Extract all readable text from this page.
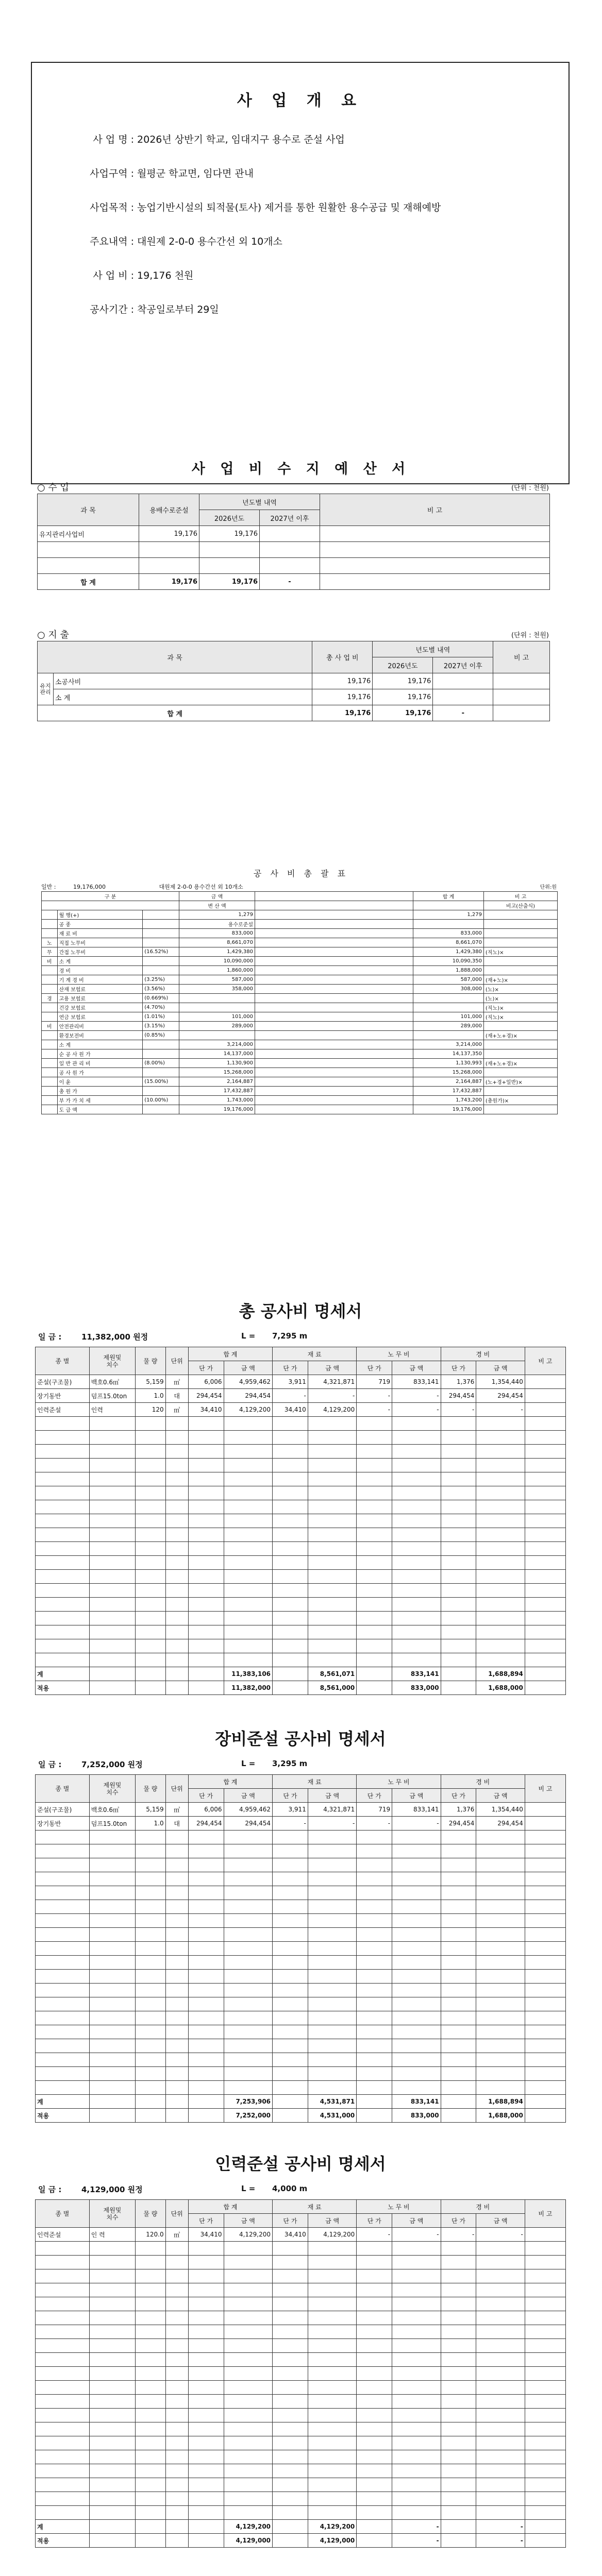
사 업 개 요
사 업 명 : 2026년 상반기 학교, 임대지구 용수로 준설 사업
사업구역 : 월평군 학교면, 임다면 관내
사업목적 : 농업기반시설의 퇴적물(토사) 제거를 통한 원활한 용수공급 및 재해예방
주요내역 : 대원제 2-0-0 용수간선 외 10개소
사 업 비 : 19,176 천원
공사기간 : 착공일로부터 29일
사 업 비 수 지 예 산 서
○ 수 입	(단위 : 천원)
과 목	용배수로준설	년도별 내역		비 고
		2026년도	2027년 이후	
유지관리사업비	19,176	19,176		

합 계	19,176	19,176	-	
○ 지 출	(단위 : 천원)
과 목		총 사 업 비	년도별 내역		비 고
			2026년도	2027년 이후	
유지관리	소공사비	19,176	19,176		
	소 계	19,176	19,176		
합 계		19,176	19,176	-	
공 사 비 총 괄 표
일반 :	19,176,000	대원제 2-0-0 용수간선 외 10개소	단위:원
구 분			금 액		합 계	비 고
			변 산 액			비고(산출식)
	월 행(+)		1,279		1,279	
	공 종		용수로준설			
	재 료 비		833,000		833,000	
노	직접 노무비		8,661,070		8,661,070	
무	간접 노무비	(16.52%)	1,429,380		1,429,380	(직노)×
비	소 계		10,090,000		10,090,350	
	경 비		1,860,000		1,888,000	
	기 계 경 비	(3.25%)	587,000		587,000	(재+노)×
	산재 보험료	(3.56%)	358,000		308,000	(노)×
경	고용 보험료	(0.669%)				(노)×
	건강 보험료	(4.70%)				(직노)×
	연금 보험료	(1.01%)	101,000		101,000	(직노)×
비	안전관리비	(3.15%)	289,000		289,000	
	환경보전비	(0.85%)				(재+노+경)×
	소 계		3,214,000		3,214,000	
	순 공 사 원 가		14,137,000		14,137,350	
	일 반 관 리 비	(8.00%)	1,130,900		1,130,993	(재+노+경)×
	공 사 원 가		15,268,000		15,268,000	
	이 윤	(15.00%)	2,164,887		2,164,887	(노+경+일반)×
	총 원 가		17,432,887		17,432,887	
	부 가 가 치 세	(10.00%)	1,743,000		1,743,200	(총원가)×
	도 급 액		19,176,000		19,176,000	
총 공사비 명세서
일 금 :	11,382,000 원정	L = 7,295 m
종 별	제원및
치수	물 량	단위	합 계		재 료		노 무 비		경 비		비 고
				단 가	금 액	단 가	금 액	단 가	금 액	단 가	금 액	
준설(구조물)	백호0.6㎥	5,159	㎥	6,006	4,959,462	3,911	4,321,871	719	833,141	1,376	1,354,440	
장기동반	덤프15.0ton	1.0	대	294,454	294,454	-	-	-	-	294,454	294,454	
인력준설	인력	120	㎥	34,410	4,129,200	34,410	4,129,200	-	-	-	-	

계					11,383,106		8,561,071		833,141		1,688,894	
적용					11,382,000		8,561,000		833,000		1,688,000	
장비준설 공사비 명세서
일 금 :	7,252,000 원정	L = 3,295 m
종 별	제원및
치수	물 량	단위	합 계		재 료		노 무 비		경 비		비 고
				단 가	금 액	단 가	금 액	단 가	금 액	단 가	금 액	
준설(구조물)	백호0.6㎥	5,159	㎥	6,006	4,959,462	3,911	4,321,871	719	833,141	1,376	1,354,440	
장기동반	덤프15.0ton	1.0	대	294,454	294,454	-	-	-	-	294,454	294,454	

계					7,253,906		4,531,871		833,141		1,688,894	
적용					7,252,000		4,531,000		833,000		1,688,000	
인력준설 공사비 명세서
일 금 :	4,129,000 원정	L = 4,000 m
종 별	제원및
치수	물 량	단위	합 계		재 료		노 무 비		경 비		비 고
				단 가	금 액	단 가	금 액	단 가	금 액	단 가	금 액	
인력준설	인 력	120.0	㎥	34,410	4,129,200	34,410	4,129,200	-	-	-	-	

계					4,129,200		4,129,200		-		-	
적용					4,129,000		4,129,000		-		-	
